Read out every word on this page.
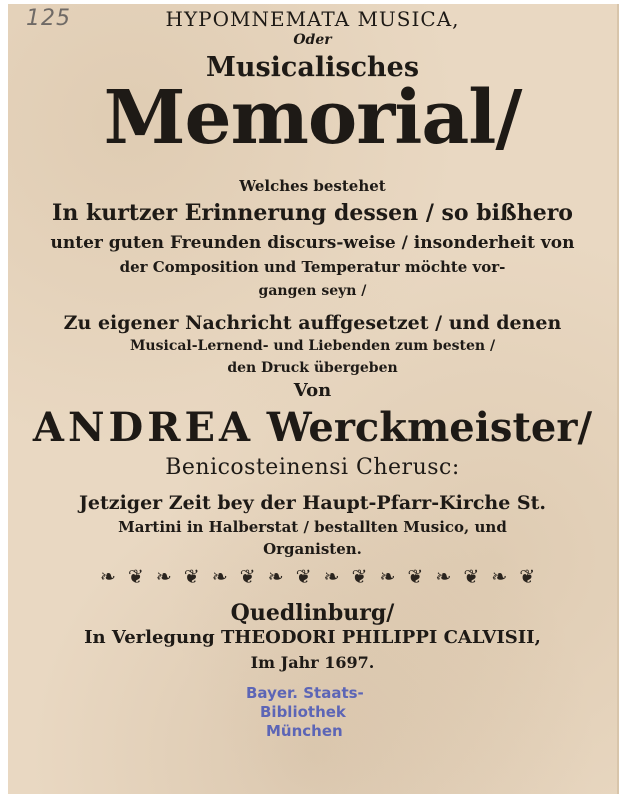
125	HYPOMNEMATA MUSICA,
Oder
Musicalisches
Memorial/
Welches bestehet
In kurtzer Erinnerung dessen / so bißhero
unter guten Freunden discurs-weise / insonderheit von
der Composition und Temperatur möchte vor-
gangen seyn /
Zu eigener Nachricht auffgesetzet / und denen
Musical-Lernend- und Liebenden zum besten /
den Druck übergeben
Von
ANDREA Werckmeister/
Benicosteinensi Cherusc:
Jetziger Zeit bey der Haupt-Pfarr-Kirche St.
Martini in Halberstat / bestallten Musico, und
Organisten.
❧ ❦ ❧ ❦ ❧ ❦ ❧ ❦ ❧ ❦ ❧ ❦ ❧ ❦ ❧ ❦
Quedlinburg/
In Verlegung THEODORI PHILIPPI CALVISII,
Im Jahr 1697.
Bayer. Staats-
Bibliothek
München
